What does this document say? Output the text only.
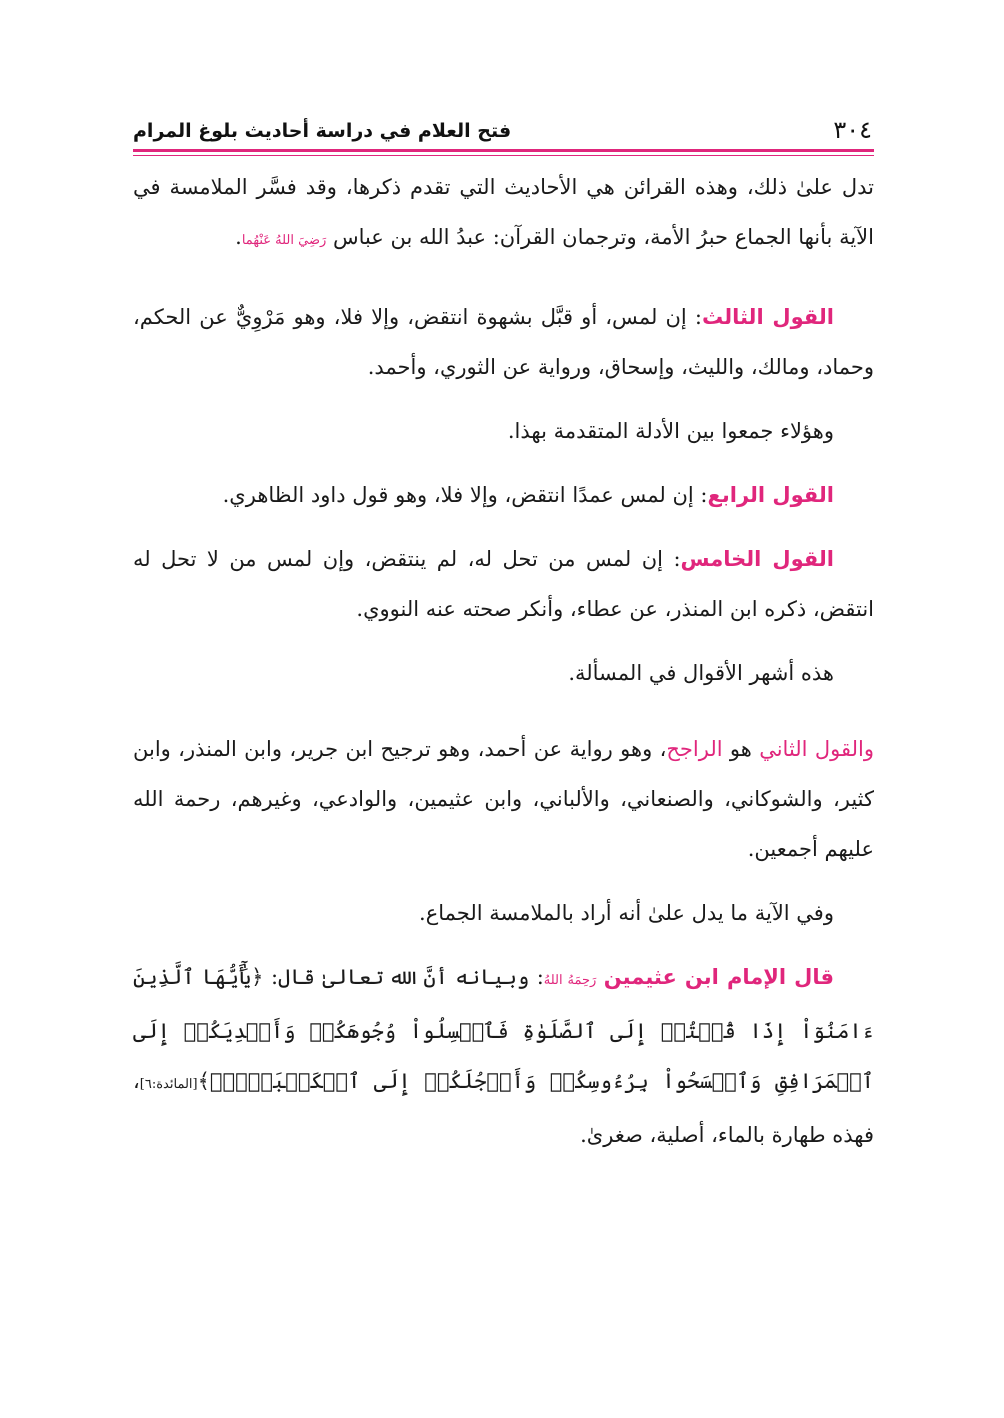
فتح العلام في دراسة أحاديث بلوغ المرام	٣٠٤

تدل علىٰ ذلك، وهذه القرائن هي الأحاديث التي تقدم ذكرها، وقد فسَّر الملامسة في الآية بأنها الجماع حبرُ الأمة، وترجمان القرآن: عبدُ الله بن عباس رَضِيَ اللهُ عَنْهُما.

القول الثالث: إن لمس، أو قبَّل بشهوة انتقض، وإلا فلا، وهو مَرْوِيٌّ عن الحكم، وحماد، ومالك، والليث، وإسحاق، ورواية عن الثوري، وأحمد.

وهؤلاء جمعوا بين الأدلة المتقدمة بهذا.

القول الرابع: إن لمس عمدًا انتقض، وإلا فلا، وهو قول داود الظاهري.

القول الخامس: إن لمس من تحل له، لم ينتقض، وإن لمس من لا تحل له انتقض، ذكره ابن المنذر، عن عطاء، وأنكر صحته عنه النووي.

هذه أشهر الأقوال في المسألة.

والقول الثاني هو الراجح، وهو رواية عن أحمد، وهو ترجيح ابن جرير، وابن المنذر، وابن كثير، والشوكاني، والصنعاني، والألباني، وابن عثيمين، والوادعي، وغيرهم، رحمة الله عليهم أجمعين.

وفي الآية ما يدل علىٰ أنه أراد بالملامسة الجماع.

قال الإمام ابن عثيمين رَحِمَهُ اللهُ: وبيانه أنَّ الله تعالىٰ قال: ﴿يَٰٓأَيُّهَا ٱلَّذِينَ ءَامَنُوٓاْ إِذَا قُمۡتُمۡ إِلَى ٱلصَّلَوٰةِ فَٱغۡسِلُواْ وُجُوهَكُمۡ وَأَيۡدِيَكُمۡ إِلَى ٱلۡمَرَافِقِ وَٱمۡسَحُواْ بِرُءُوسِكُمۡ وَأَرۡجُلَكُمۡ إِلَى ٱلۡكَعۡبَيۡنِۚ﴾[المائدة:٦]، فهذه طهارة بالماء، أصلية، صغرىٰ.
